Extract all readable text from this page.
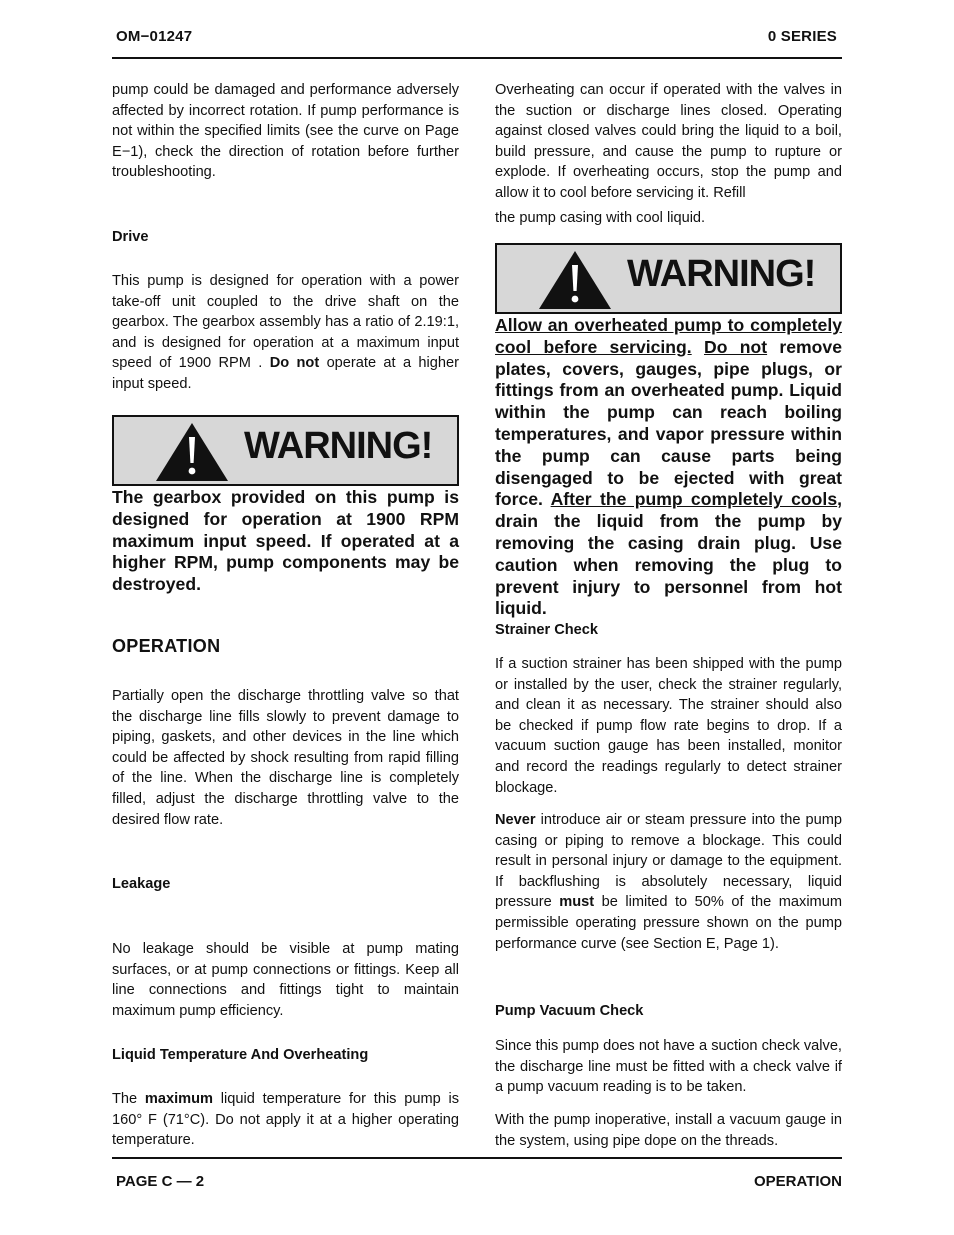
OM−01247	0 SERIES

pump could be damaged and performance adversely affected by incorrect rotation. If pump performance is not within the specified limits (see the curve on Page E−1), check the direction of rotation before further troubleshooting.

Drive

This pump is designed for operation with a power take-off unit coupled to the drive shaft on the gearbox. The gearbox assembly has a ratio of 2.19:1, and is designed for operation at a maximum input speed of 1900 RPM . Do not operate at a higher input speed.

WARNING!

The gearbox provided on this pump is designed for operation at 1900 RPM maximum input speed. If operated at a higher RPM, pump components may be destroyed.

OPERATION

Partially open the discharge throttling valve so that the discharge line fills slowly to prevent damage to piping, gaskets, and other devices in the line which could be affected by shock resulting from rapid filling of the line. When the discharge line is completely filled, adjust the discharge throttling valve to the desired flow rate.

Leakage

No leakage should be visible at pump mating surfaces, or at pump connections or fittings. Keep all line connections and fittings tight to maintain maximum pump efficiency.

Liquid Temperature And Overheating

The maximum liquid temperature for this pump is 160° F (71°C). Do not apply it at a higher operating temperature.

Overheating can occur if operated with the valves in the suction or discharge lines closed. Operating against closed valves could bring the liquid to a boil, build pressure, and cause the pump to rupture or explode. If overheating occurs, stop the pump and allow it to cool before servicing it. Refill

the pump casing with cool liquid.

WARNING!

Allow an overheated pump to completely cool before servicing. Do not remove plates, covers, gauges, pipe plugs, or fittings from an overheated pump. Liquid within the pump can reach boiling temperatures, and vapor pressure within the pump can cause parts being disengaged to be ejected with great force. After the pump completely cools, drain the liquid from the pump by removing the casing drain plug. Use caution when removing the plug to prevent injury to personnel from hot liquid.

Strainer Check

If a suction strainer has been shipped with the pump or installed by the user, check the strainer regularly, and clean it as necessary. The strainer should also be checked if pump flow rate begins to drop. If a vacuum suction gauge has been installed, monitor and record the readings regularly to detect strainer blockage.

Never introduce air or steam pressure into the pump casing or piping to remove a blockage. This could result in personal injury or damage to the equipment. If backflushing is absolutely necessary, liquid pressure must be limited to 50% of the maximum permissible operating pressure shown on the pump performance curve (see Section E, Page 1).

Pump Vacuum Check

Since this pump does not have a suction check valve, the discharge line must be fitted with a check valve if a pump vacuum reading is to be taken.

With the pump inoperative, install a vacuum gauge in the system, using pipe dope on the threads.

PAGE C — 2	OPERATION
